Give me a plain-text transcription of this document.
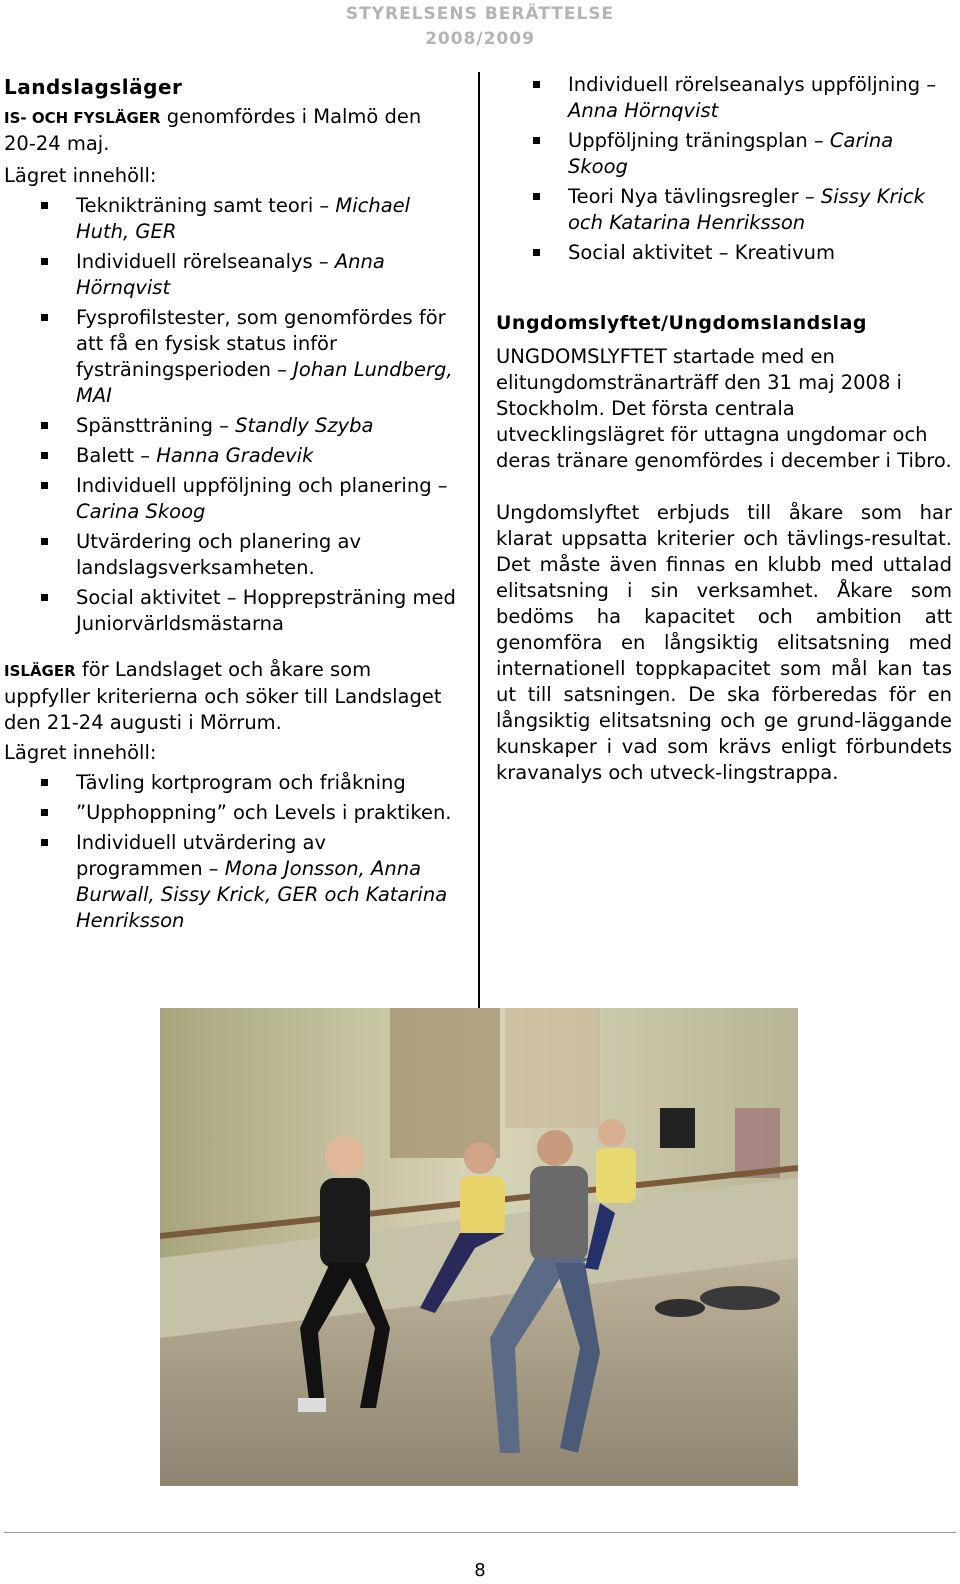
STYRELSENS BERÄTTELSE
2008/2009
Landslagsläger

IS- OCH FYSLÄGER genomfördes i Malmö den 20-24 maj.

Lägret innehöll:

Teknikträning samt teori – Michael Huth, GER
Individuell rörelseanalys – Anna Hörnqvist
Fysprofilstester, som genomfördes för att få en fysisk status inför fysträningsperioden – Johan Lundberg, MAI
Spänstträning – Standly Szyba
Balett – Hanna Gradevik
Individuell uppföljning och planering – Carina Skoog
Utvärdering och planering av landslagsverksamheten.
Social aktivitet – Hopprepsträning med Juniorvärldsmästarna

ISLÄGER för Landslaget och åkare som uppfyller kriterierna och söker till Landslaget den 21-24 augusti i Mörrum.

Lägret innehöll:

Tävling kortprogram och friåkning
”Upphoppning” och Levels i praktiken.
Individuell utvärdering av programmen – Mona Jonsson, Anna Burwall, Sissy Krick, GER och Katarina Henriksson
Individuell rörelseanalys uppföljning – Anna Hörnqvist
Uppföljning träningsplan – Carina Skoog
Teori Nya tävlingsregler – Sissy Krick och Katarina Henriksson
Social aktivitet – Kreativum
Ungdomslyftet/Ungdomslandslag

UNGDOMSLYFTET startade med en elitungdomstränarträff den 31 maj 2008 i Stockholm. Det första centrala utvecklingslägret för uttagna ungdomar och deras tränare genomfördes i december i Tibro.

Ungdomslyftet erbjuds till åkare som har klarat uppsatta kriterier och tävlings-resultat. Det måste även finnas en klubb med uttalad elitsatsning i sin verksamhet. Åkare som bedöms ha kapacitet och ambition att genomföra en långsiktig elitsatsning med internationell toppkapacitet som mål kan tas ut till satsningen. De ska förberedas för en långsiktig elitsatsning och ge grund-läggande kunskaper i vad som krävs enligt förbundets kravanalys och utveck-lingstrappa.

8
